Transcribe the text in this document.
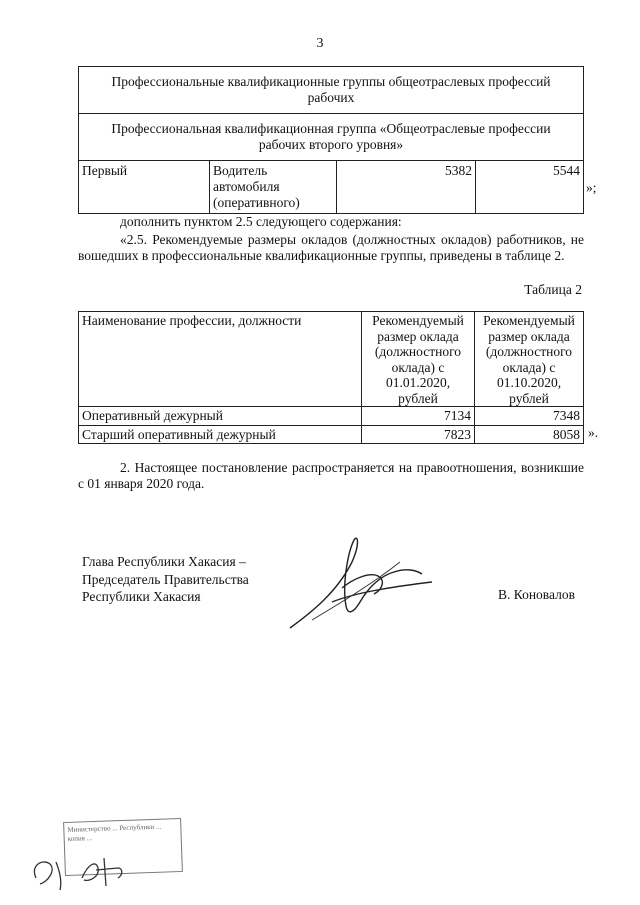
3
Профессиональные квалификационные группы общеотраслевых профессий рабочих
Профессиональная квалификационная группа «Общеотраслевые профессии рабочих второго уровня»
Первый	Водитель автомобиля (оперативного)	5382	5544
»;
дополнить пунктом 2.5 следующего содержания:
«2.5. Рекомендуемые размеры окладов (должностных окладов) работников, не вошедших в профессиональные квалификационные группы, приведены в таблице 2.
Таблица 2
Наименование профессии, должности	Рекомендуемый размер оклада (должностного оклада) с 01.01.2020, рублей	Рекомендуемый размер оклада (должностного оклада) с 01.10.2020, рублей
Оперативный дежурный	7134	7348
Старший оперативный дежурный	7823	8058 ».
2. Настоящее постановление распространяется на правоотношения, возникшие с 01 января 2020 года.
Глава Республики Хакасия –
Председатель Правительства
Республики Хакасия	В. Коновалов
Министерство ... Республики ... копия ...
